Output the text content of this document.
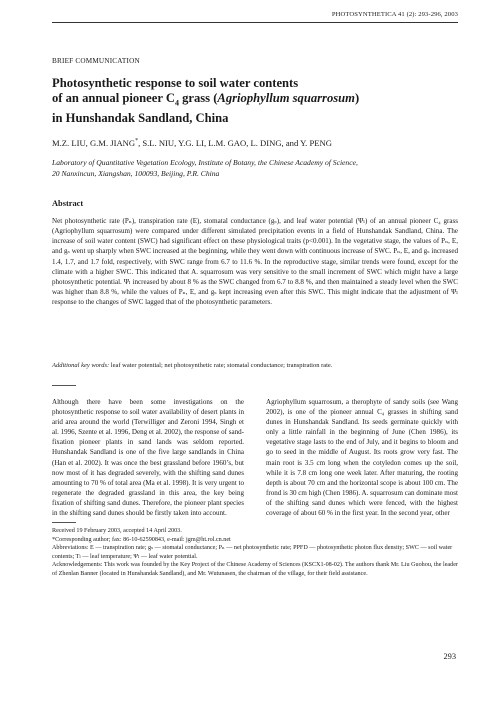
PHOTOSYNTHETICA 41 (2): 293-296, 2003
BRIEF COMMUNICATION
Photosynthetic response to soil water contents
of an annual pioneer $C_4$ grass (Agriophyllum squarrosum)
in Hunshandak Sandland, China
M.Z. LIU, G.M. JIANG*, S.L. NIU, Y.G. LI, L.M. GAO, L. DING, and Y. PENG
Laboratory of Quantitative Vegetation Ecology, Institute of Botany, the Chinese Academy of Science,
20 Nanxincun, Xiangshan, 100093, Beijing, P.R. China
Abstract
Net photosynthetic rate (Pₙ), transpiration rate (E), stomatal conductance (gₛ), and leaf water potential (Ψₗ) of an annual pioneer C₄ grass (Agriophyllum squarrosum) were compared under different simulated precipitation events in a field of Hunshandak Sandland, China. The increase of soil water content (SWC) had significant effect on these physiological traits (p<0.001). In the vegetative stage, the values of Pₙ, E, and gₛ went up sharply when SWC increased at the beginning, while they went down with continuous increase of SWC. Pₙ, E, and gₛ increased 1.4, 1.7, and 1.7 fold, respectively, with SWC range from 6.7 to 11.6 %. In the reproductive stage, similar trends were found, except for the climate with a higher SWC. This indicated that A. squarrosum was very sensitive to the small increment of SWC which might have a large photosynthetic potential. Ψₗ increased by about 8 % as the SWC changed from 6.7 to 8.8 %, and then maintained a steady level when the SWC was higher than 8.8 %, while the values of Pₙ, E, and gₛ kept increasing even after this SWC. This might indicate that the adjustment of Ψₗ response to the changes of SWC lagged that of the photosynthetic parameters.
Additional key words: leaf water potential; net photosynthetic rate; stomatal conductance; transpiration rate.
Although there have been some investigations on the photosynthetic response to soil water availability of desert plants in arid area around the world (Terwilliger and Zeroni 1994, Singh et al. 1996, Szente et al. 1996, Deng et al. 2002), the response of sand-fixation pioneer plants in sand lands was seldom reported. Hunshandak Sandland is one of the five large sandlands in China (Han et al. 2002). It was once the best grassland before 1960’s, but now most of it has degraded severely, with the shifting sand dunes amounting to 70 % of total area (Ma et al. 1998). It is very urgent to regenerate the degraded grassland in this area, the key being fixation of shifting sand dunes. Therefore, the pioneer plant species in the shifting sand dunes should be firstly taken into account.
Agriophyllum squarrosum, a therophyte of sandy soils (see Wang 2002), is one of the pioneer annual C₄ grasses in shifting sand dunes in Hunshandak Sandland. Its seeds germinate quickly with only a little rainfall in the beginning of June (Chen 1986), its vegetative stage lasts to the end of July, and it begins to bloom and go to seed in the middle of August. Its roots grow very fast. The main root is 3.5 cm long when the cotyledon comes up the soil, while it is 7.8 cm long one week later. After maturing, the rooting depth is about 70 cm and the horizontal scope is about 100 cm. The frond is 30 cm high (Chen 1986). A. squarrosum can dominate most of the shifting sand dunes which were fenced, with the highest coverage of about 60 % in the first year. In the second year, other

Received 19 February 2003, accepted 14 April 2003.

*Corresponding author; fax: 86-10-62590843, e-mail: jgm@ht.rol.cn.net

Abbreviations: E — transpiration rate; gₛ — stomatal conductance; Pₙ — net photosynthetic rate; PPFD — photosynthetic photon flux density; SWC — soil water contents; Tₗ — leaf temperature; Ψₗ — leaf water potential.

Acknowledgements: This work was founded by the Key Project of the Chinese Academy of Sciences (KSCX1-08-02). The authors thank Mr. Liu Guohou, the leader of Zhenlan Banner (located in Hunshandak Sandland), and Mr. Wutunasen, the chairman of the village, for their field assistance.

293
